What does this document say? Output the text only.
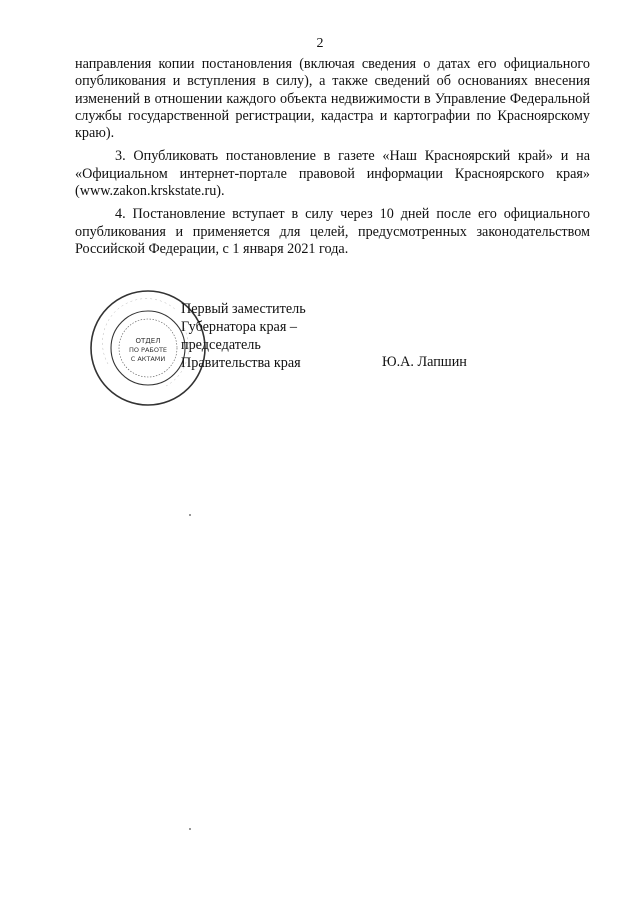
2

направления копии постановления (включая сведения о датах его официального опубликования и вступления в силу), а также сведений об основаниях внесения изменений в отношении каждого объекта недвижимости в Управление Федеральной службы государственной регистрации, кадастра и картографии по Красноярскому краю).

3. Опубликовать постановление в газете «Наш Красноярский край» и на «Официальном интернет-портале правовой информации Красноярского края» (www.zakon.krskstate.ru).

4. Постановление вступает в силу через 10 дней после его официального опубликования и применяется для целей, предусмотренных законодательством Российской Федерации, с 1 января 2021 года.

ОТДЕЛ
ПО РАБОТЕ
С АКТАМИ
Первый заместитель
Губернатора края –
председатель
Правительства края	Ю.А. Лапшин
